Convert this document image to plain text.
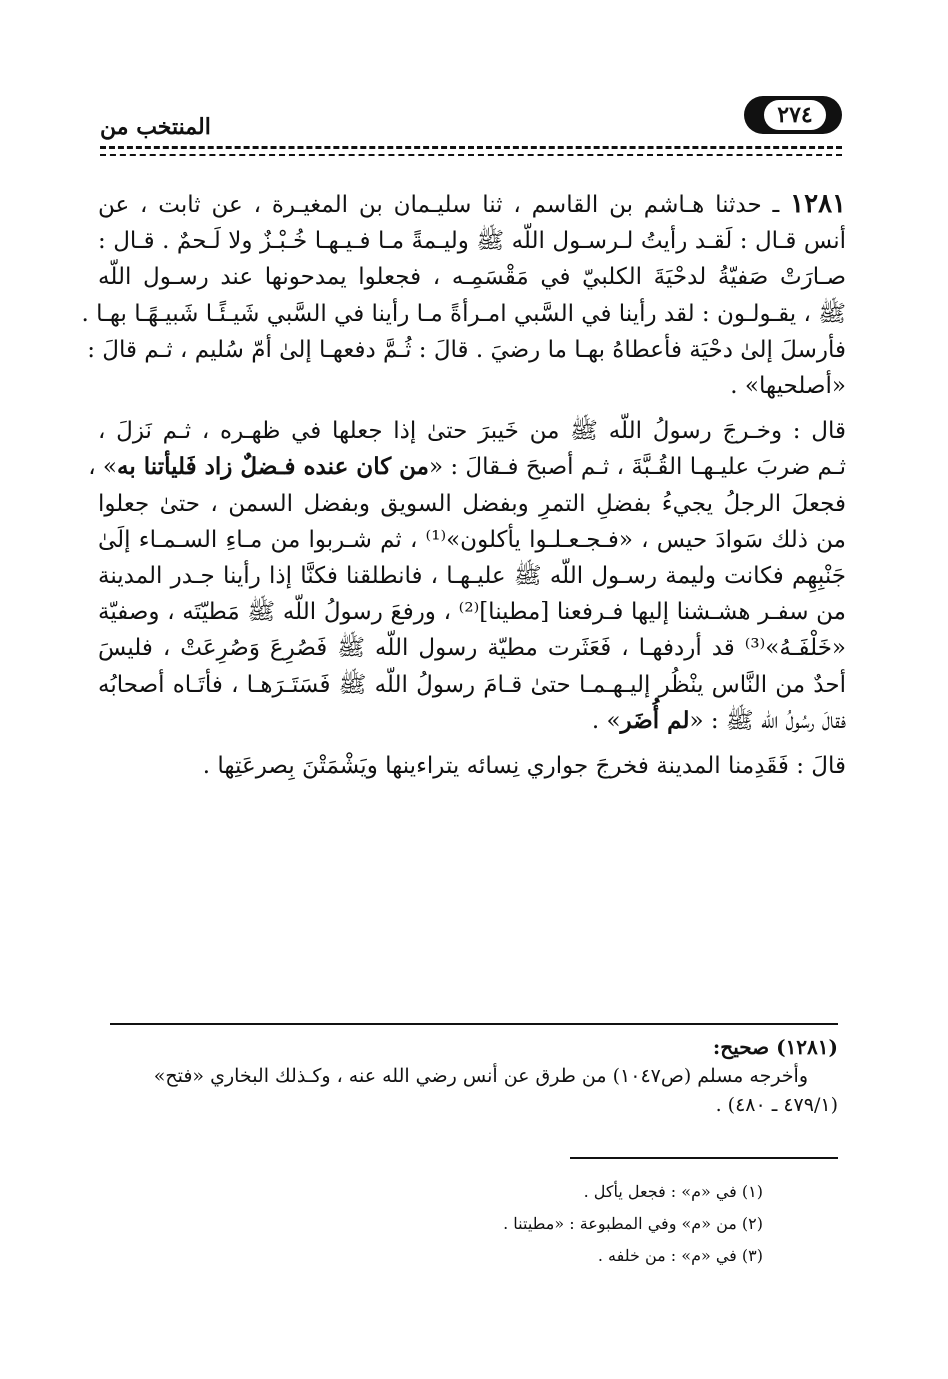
المنتخب من	٢٧٤
١٢٨١ ـ حدثنا هـاشم بن القاسم ، ثنا سليـمان بن المغيـرة ، عن ثابت ، عن
أنس قـال : لَقـد رأيتُ لـرسـول اللّه ﷺ وليـمةً مـا فـيـهـا خُـبْـزٌ ولا لَـحمٌ . قـال :
صـارَتْ صَفيّةُ لدحْيَةَ الكلبيّ في مَقْسَمِـه ، فجعلوا يمدحونها عند رسـول اللّه
ﷺ ، يقـولـون : لقد رأينا في السَّبي امـرأةً مـا رأينا في السَّبي شَيـئًـا شَبيـهًـا بهـا .
فأرسلَ إلىٰ دحْيَة فأعطاهُ بهـا ما رضيَ . قالَ : ثُـمَّ دفعهـا إلىٰ أمّ سُليم ، ثـم قالَ :
«أصلحيها» .
قال : وخـرجَ رسولُ اللّه ﷺ من خَيبرَ حتىٰ إذا جعلها في ظهـره ، ثـم نَزلَ ،
ثـم ضربَ عليـهـا القُـبَّةَ ، ثـم أصبحَ فـقالَ : «من كان عنده فـضلٌ زاد فَليأتنا به» ،
فجعلَ الرجلُ يجيءُ بفضلِ التمرِ وبفضل السويق وبفضل السمن ، حتىٰ جعلوا
من ذلك سَوادَ حيس ، «فـجـعـلـوا يأكلون»⁽¹⁾ ، ثم شـربوا من مـاءِ السـمـاء إلَىٰ
جَنْبِهِم فكانت وليمة رسـول اللّه ﷺ عليـهـا ، فانطلقنا فكنَّا إذا رأينا جـدر المدينة
من سفـر هشـشنا إليها فـرفعنا [مطينا]⁽²⁾ ، ورفعَ رسولُ اللّه ﷺ مَطيّتَه ، وصفيّة
«خَلْفَـهُ»⁽³⁾ قد أردفهـا ، فَعَثَرت مطيّة رسول اللّه ﷺ فَصُرِعَ وَصُرِعَتْ ، فليسَ
أحدٌ من النَّاس ينْظُر إليـهـمـا حتىٰ قـامَ رسولُ اللّه ﷺ فَسَتَـرَهـا ، فأتَـاه أصحابُه
فقالَ رسُولُ اللّه ﷺ : «لم أُضَر» .
قالَ : فَقَدِمنا المدينة فخرجَ جواري نِسائه يتراءينها ويَشْمَتْنَ بِصرعَتِها .
(١٢٨١) صحيح:
وأخرجه مسلم (ص١٠٤٧) من طرق عن أنس رضي الله عنه ، وكـذلك البخاري «فتح»
(٤٧٩/١ ـ ٤٨٠) .
(١) في «م» : فجعل يأكل .
(٢) من «م» وفي المطبوعة : «مطيتنا .
(٣) في «م» : من خلفه .
